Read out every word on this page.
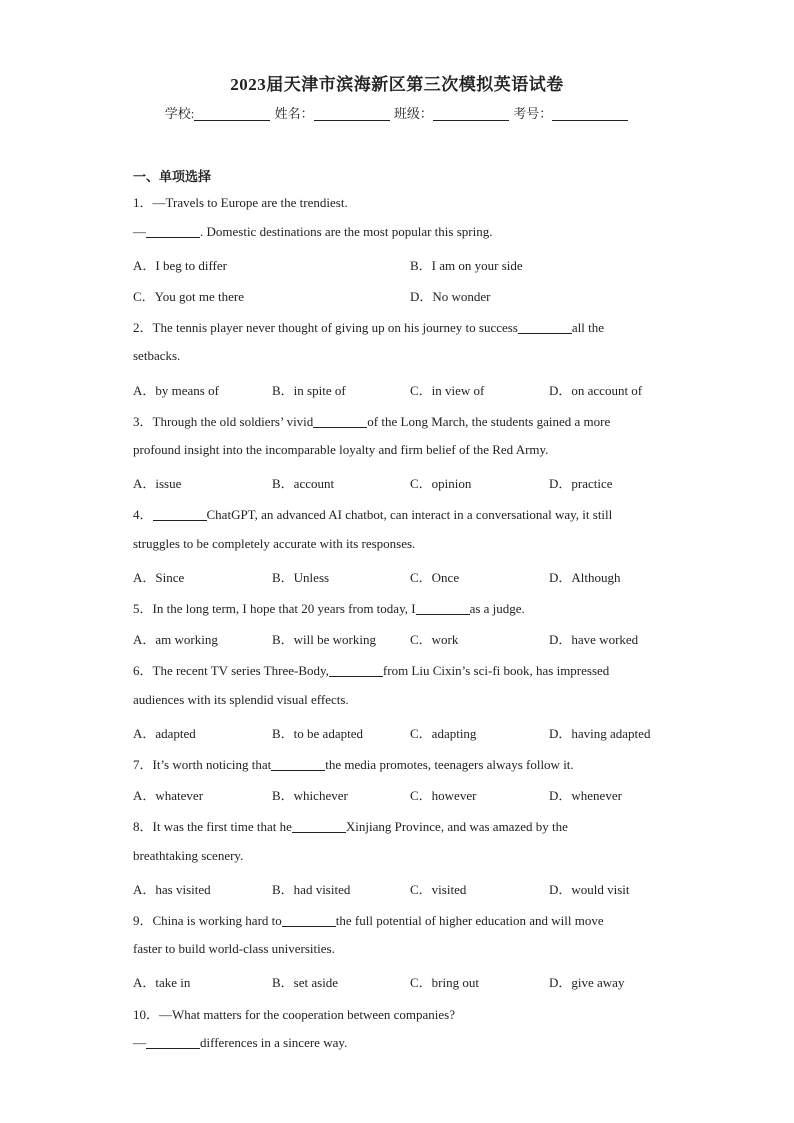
2023届天津市滨海新区第三次模拟英语试卷
学校:	姓名：	班级：	考号：
一、单项选择
1．—Travels to Europe are the trendiest.
—	. Domestic destinations are the most popular this spring.
A．I beg to differ	B．I am on your side
C．You got me there	D．No wonder
2．The tennis player never thought of giving up on his journey to success	all the
setbacks.
A．by means of	B．in spite of	C．in view of	D．on account of
3．Through the old soldiers’ vivid	of the Long March, the students gained a more
profound insight into the incomparable loyalty and firm belief of the Red Army.
A．issue	B．account	C．opinion	D．practice
4．	ChatGPT, an advanced AI chatbot, can interact in a conversational way, it still
struggles to be completely accurate with its responses.
A．Since	B．Unless	C．Once	D．Although
5．In the long term, I hope that 20 years from today, I	as a judge.
A．am working	B．will be working	C．work	D．have worked
6．The recent TV series Three-Body,	from Liu Cixin’s sci-fi book, has impressed
audiences with its splendid visual effects.
A．adapted	B．to be adapted	C．adapting	D．having adapted
7．It’s worth noticing that	the media promotes, teenagers always follow it.
A．whatever	B．whichever	C．however	D．whenever
8．It was the first time that he	Xinjiang Province, and was amazed by the
breathtaking scenery.
A．has visited	B．had visited	C．visited	D．would visit
9．China is working hard to	the full potential of higher education and will move
faster to build world-class universities.
A．take in	B．set aside	C．bring out	D．give away
10．—What matters for the cooperation between companies?
—	differences in a sincere way.
